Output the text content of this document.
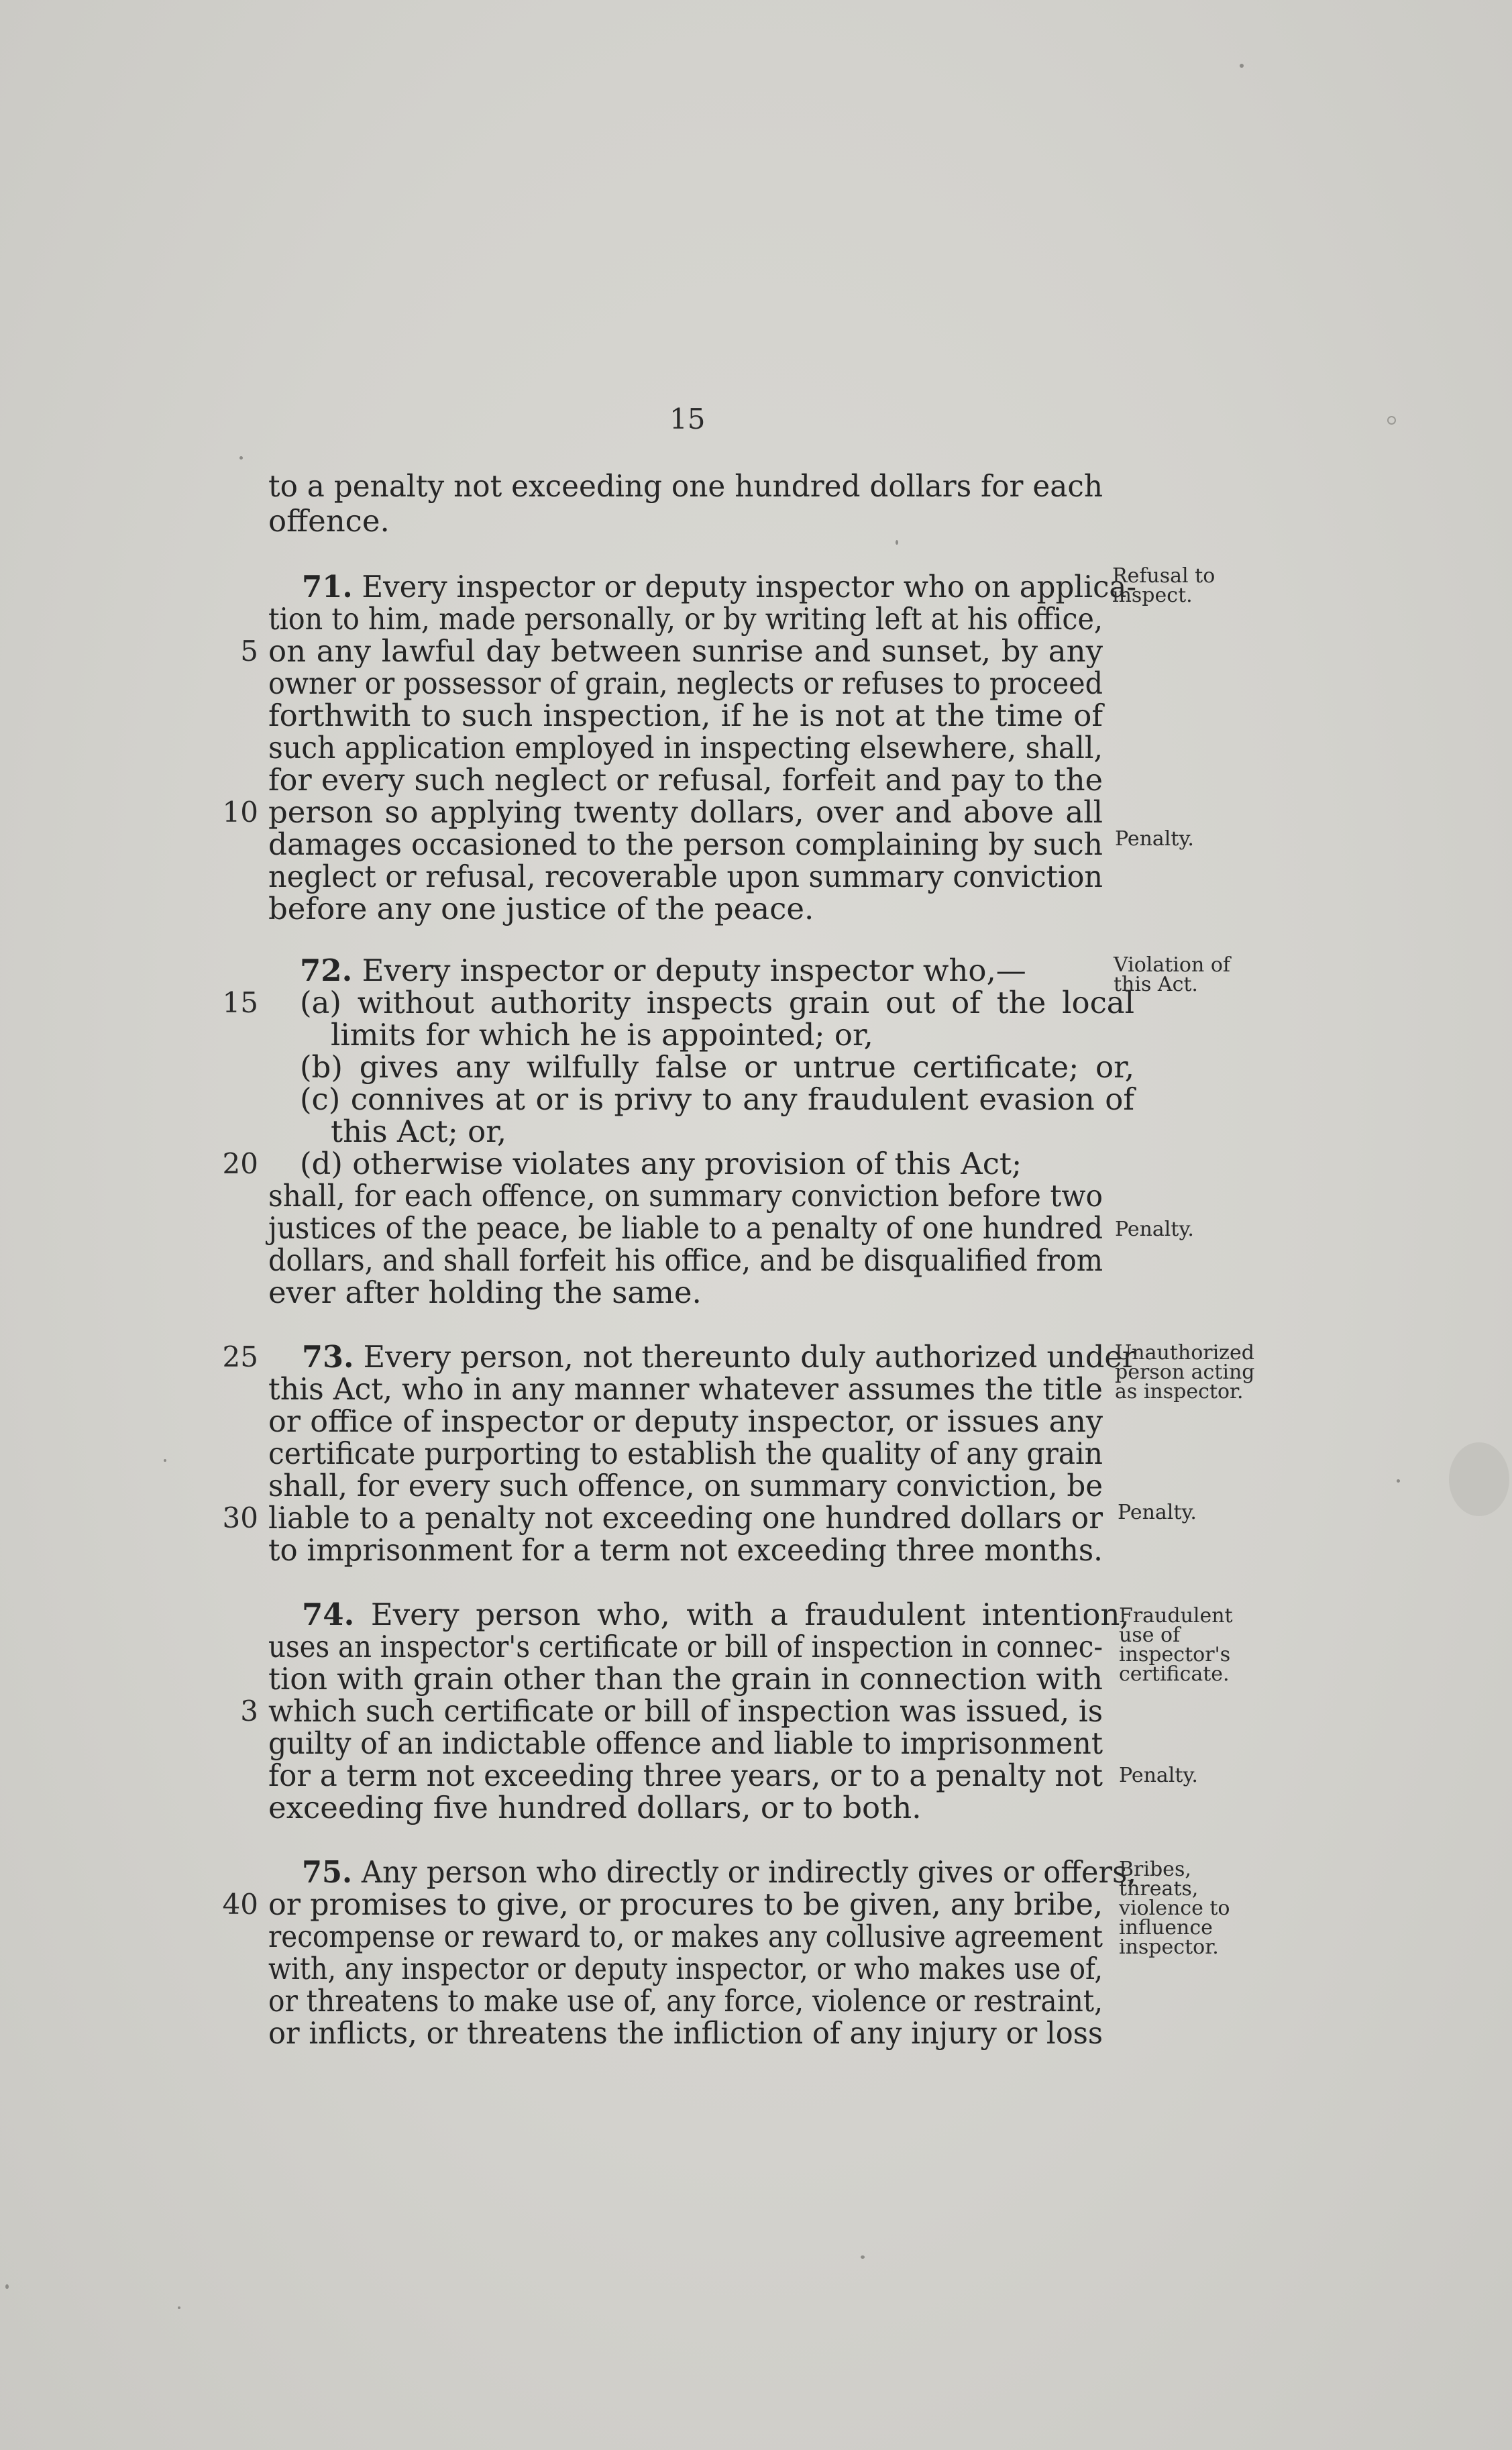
15
to a penalty not exceeding one hundred dollars for each
offence.
71. Every inspector or deputy inspector who on applica-
tion to him, made personally, or by writing left at his office,
on any lawful day between sunrise and sunset, by any
5
owner or possessor of grain, neglects or refuses to proceed
forthwith to such inspection, if he is not at the time of
such application employed in inspecting elsewhere, shall,
for every such neglect or refusal, forfeit and pay to the
person so applying twenty dollars, over and above all
10
damages occasioned to the person complaining by such
neglect or refusal, recoverable upon summary conviction
before any one justice of the peace.
72. Every inspector or deputy inspector who,—
(a) without authority inspects grain out of the local
15
limits for which he is appointed; or,
(b) gives any wilfully false or untrue certificate; or,
(c) connives at or is privy to any fraudulent evasion of
this Act; or,
(d) otherwise violates any provision of this Act;
20
shall, for each offence, on summary conviction before two
justices of the peace, be liable to a penalty of one hundred
dollars, and shall forfeit his office, and be disqualified from
ever after holding the same.
73. Every person, not thereunto duly authorized under
25
this Act, who in any manner whatever assumes the title
or office of inspector or deputy inspector, or issues any
certificate purporting to establish the quality of any grain
shall, for every such offence, on summary conviction, be
liable to a penalty not exceeding one hundred dollars or
30
to imprisonment for a term not exceeding three months.
74. Every person who, with a fraudulent intention,
uses an inspector's certificate or bill of inspection in connec-
tion with grain other than the grain in connection with
which such certificate or bill of inspection was issued, is
3
guilty of an indictable offence and liable to imprisonment
for a term not exceeding three years, or to a penalty not
exceeding five hundred dollars, or to both.
75. Any person who directly or indirectly gives or offers,
or promises to give, or procures to be given, any bribe,
40
recompense or reward to, or makes any collusive agreement
with, any inspector or deputy inspector, or who makes use of,
or threatens to make use of, any force, violence or restraint,
or inflicts, or threatens the infliction of any injury or loss
Refusal to
inspect.
Penalty.
Violation of
this Act.
Penalty.
Unauthorized
person acting
as inspector.
Penalty.
Fraudulent
use of
inspector's
certificate.
Penalty.
Bribes,
threats,
violence to
influence
inspector.
